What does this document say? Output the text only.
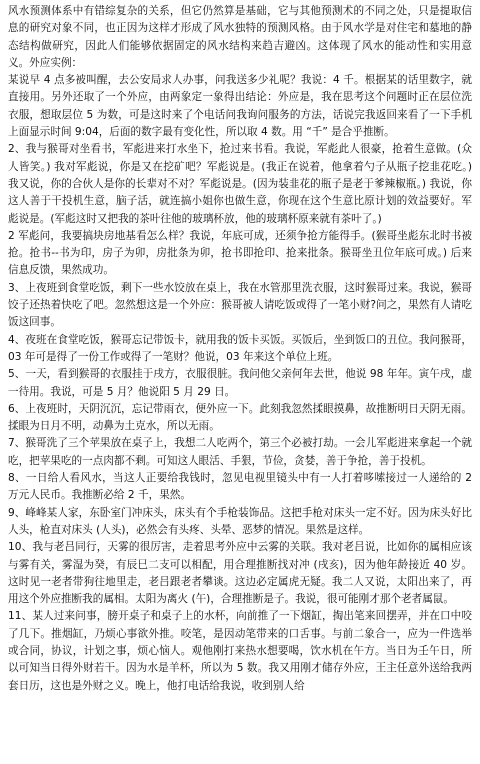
风水预测体系中有错综复杂的关系，但它仍然算是基础，它与其他预测术的不同之处，只是提取信息的研究对象不同，也正因为这样才形成了风水独特的预测风格。由于风水学是对住宅和墓地的静态结构做研究，因此人们能够依据固定的风水结构来趋吉避凶。这体现了风水的能动性和实用意义。外应实例：

某说早 4 点多被叫醒，去公安局求人办事，问我送多少礼呢？我说：4 千。根据某的话里数字，就直接用。另外还取了一个外应，由两象定一象得出结论：外应是，我在思考这个问题时正在层位洗衣服，想取层位 5 为数，可是这时来了个电话问我询问服务的方法，话说完我返回来看了一下手机上面显示时间 9:04，后面的数字最有变化性，所以取 4 数。用 “千” 是合乎推断。

2、我与猴哥对坐看书，军彪进来打水坐下，抢过来书看。我说，军彪此人很豪，抢着生意做。(众人皆笑。) 我对军彪说，你是又在挖矿吧？军彪说是。(我正在说着，他拿着勺子从瓶子挖韭花吃。) 我又说，你的合伙人是你的长辈对不对？军彪说是。(因为装韭花的瓶子是老于爹辣椒瓶。) 我说，你这人善于干投机生意，脑子活，就连搞小姐你也做生意，你现在这个生意比原计划的效益要好。军彪说是。(军彪这时又把我的茶叶往他的玻璃杯放，他的玻璃杯原来就有茶叶了。)

2 军彪问，我要搞块房地基看怎么样？我说，年底可成，还须争抢方能得手。(猴哥坐彪东北时书被抢。抢书--书为印，房子为卯，房批条为卯，抢书即抢印、抢来批条。猴哥坐丑位年底可成。) 后来信息反馈，果然成功。

3、上夜班到食堂吃饭，剩下一些水饺放在桌上，我在水管那里洗衣服，这时猴哥过来。我说，猴哥饺子还热着快吃了吧。忽然想这是一个外应：猴哥被人请吃饭或得了一笔小财?问之，果然有人请吃饭这回事。

4、夜班在食堂吃饭，猴哥忘记带饭卡，就用我的饭卡买饭。买饭后，坐到饭口的丑位。我问猴哥，03 年可是得了一份工作或得了一笔财？他说，03 年来这个单位上班。

5、一天，看到猴哥的衣服挂于戌方，衣服很脏。我问他父亲何年去世，他说 98 年年。寅午戌，虚一待用。我说，可是 5 月？他说阳 5 月 29 日。

6、上夜班时，天阴沉沉，忘记带雨衣，便外应一下。此刻我忽然揉眼摸鼻，故推断明日天阴无雨。揉眼为日月不明，动鼻为土克水，所以无雨。

7、猴哥洗了三个苹果放在桌子上，我想二人吃两个，第三个必被打劫。一会儿军彪进来拿起一个就吃，把苹果吃的一点肉都不剩。可知这人眼活、手狠，节俭，贪婪，善于争抢，善于投机。

8、一日给人看风水，当这人正要给我钱时，忽见电视里镜头中有一人打着哆嗦接过一人递给的 2 万元人民币。我推断必给 2 千，果然。

9、峰峰某人家，东卧室门冲床头，床头有个手枪装饰品。这把手枪对床头一定不好。因为床头好比人头，枪直对床头 (人头)，必然会有头疼、头晕、恶梦的情况。果然是这样。

10、我与老吕同行，天雾的很厉害，走着思考外应中云雾的关联。我对老吕说，比如你的属相应该与雾有关，雾湿为癸，有辰巳二支可以相配，用合理推断找对冲 (戌亥)，因为他年龄接近 40 岁。这时见一老者带狗往地里走，老吕跟老者攀谈。这边必定属虎无疑。我二人又说，太阳出来了，再用这个外应推断我的属相。太阳为离火 (午)，合理推断是子。我说，很可能刚才那个老者属鼠。

11、某人过来问事，膀开桌子和桌子上的水杯，向前推了一下烟缸，掏出笔来回摆弄，并在口中咬了几下。推烟缸，乃烦心事欲外推。咬笔，是因动笔带来的口舌事。与前二象合一，应为一件选举或合同，协议，计划之事，烦心恼人。观他刚打来热水想要喝，饮水机在午方。当日为壬午日，所以可知当日得外财若干。因为水是羊杯，所以为 5 数。我又用刚才储存外应，王主任意外送给我两套日历，这也是外财之义。晚上，他打电话给我说，收到别人给
